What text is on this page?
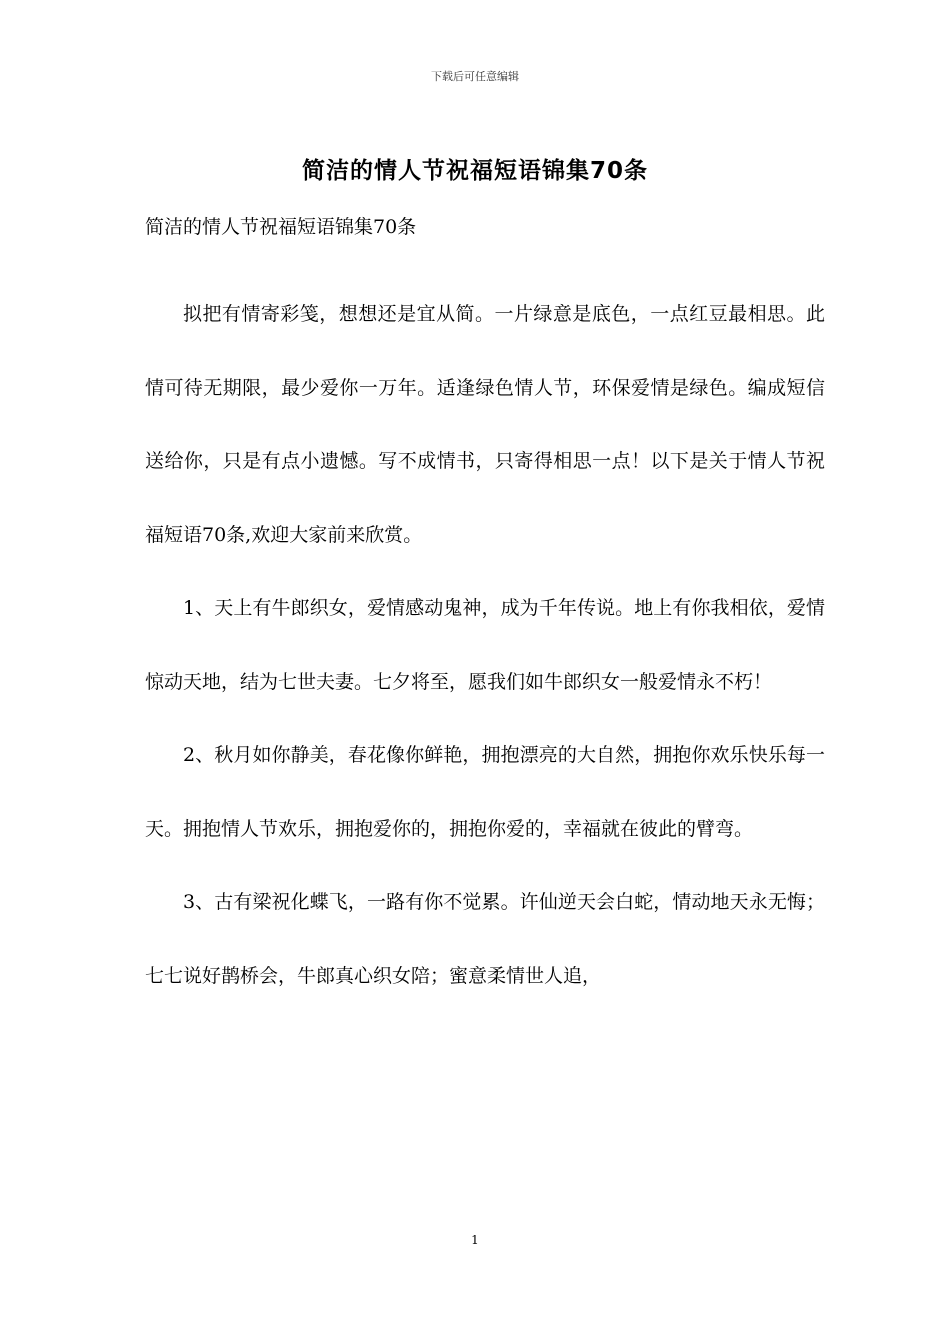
下载后可任意编辑
简洁的情人节祝福短语锦集70条
简洁的情人节祝福短语锦集70条

拟把有情寄彩笺，想想还是宜从简。一片绿意是底色，一点红豆最相思。此情可待无期限，最少爱你一万年。适逢绿色情人节，环保爱情是绿色。编成短信送给你，只是有点小遗憾。写不成情书，只寄得相思一点！以下是关于情人节祝福短语70条,欢迎大家前来欣赏。

1、天上有牛郎织女，爱情感动鬼神，成为千年传说。地上有你我相依，爱情惊动天地，结为七世夫妻。七夕将至，愿我们如牛郎织女一般爱情永不朽！

2、秋月如你静美，春花像你鲜艳，拥抱漂亮的大自然，拥抱你欢乐快乐每一天。拥抱情人节欢乐，拥抱爱你的，拥抱你爱的，幸福就在彼此的臂弯。

3、古有梁祝化蝶飞，一路有你不觉累。许仙逆天会白蛇，情动地天永无悔；七七说好鹊桥会，牛郎真心织女陪；蜜意柔情世人追，

1
